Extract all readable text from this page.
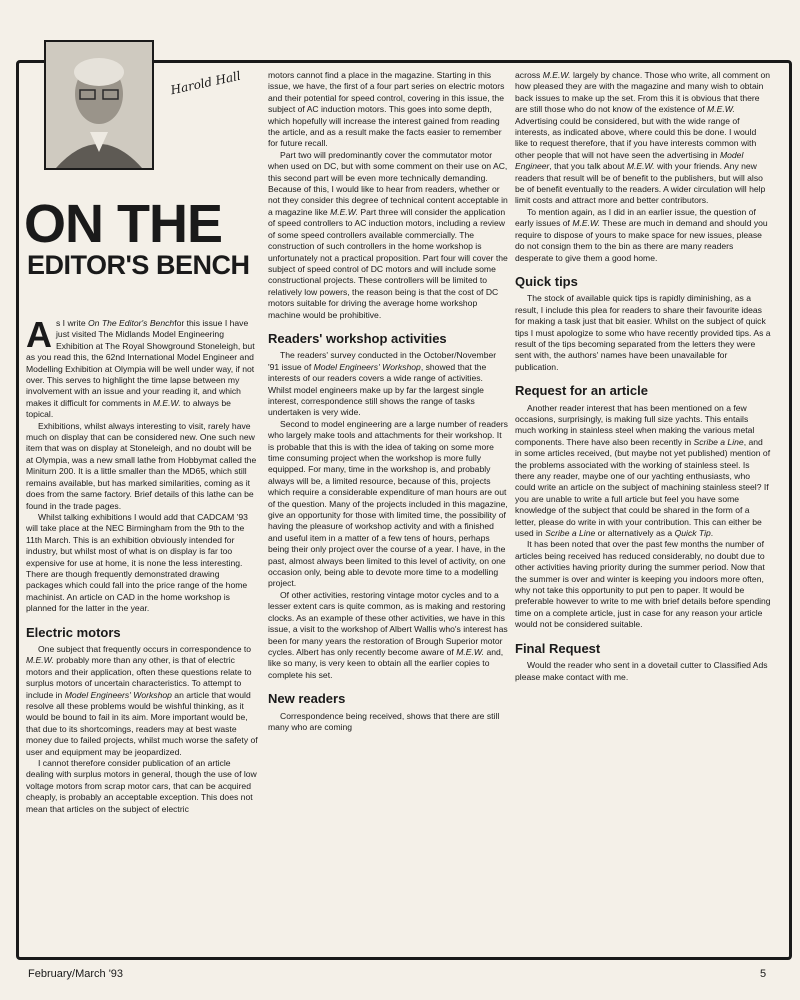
Harold Hall
ON THE
EDITOR'S BENCH

As I write On The Editor's Benchfor this issue I have just visited The Midlands Model Engineering Exhibition at The Royal Showground Stoneleigh, but as you read this, the 62nd International Model Engineer and Modelling Exhibition at Olympia will be well under way, if not over. This serves to highlight the time lapse between my involvement with an issue and your reading it, and which makes it difficult for comments in M.E.W. to always be topical.

Exhibitions, whilst always interesting to visit, rarely have much on display that can be considered new. One such new item that was on display at Stoneleigh, and no doubt will be at Olympia, was a new small lathe from Hobbymat called the Miniturn 200. It is a little smaller than the MD65, which still remains available, but has marked similarities, coming as it does from the same factory. Brief details of this lathe can be found in the trade pages.

Whilst talking exhibitions I would add that CADCAM '93 will take place at the NEC Birmingham from the 9th to the 11th March. This is an exhibition obviously intended for industry, but whilst most of what is on display is far too expensive for use at home, it is none the less interesting. There are though frequently demonstrated drawing packages which could fall into the price range of the home machinist. An article on CAD in the home workshop is planned for the latter in the year.

Electric motors

One subject that frequently occurs in correspondence to M.E.W. probably more than any other, is that of electric motors and their application, often these questions relate to surplus motors of uncertain characteristics. To attempt to include in Model Engineers' Workshop an article that would resolve all these problems would be wishful thinking, as it would be bound to fail in its aim. More important would be, that due to its shortcomings, readers may at best waste money due to failed projects, whilst much worse the safety of user and equipment may be jeopardized.

I cannot therefore consider publication of an article dealing with surplus motors in general, though the use of low voltage motors from scrap motor cars, that can be acquired cheaply, is probably an acceptable exception. This does not mean that articles on the subject of electric

motors cannot find a place in the magazine. Starting in this issue, we have, the first of a four part series on electric motors and their potential for speed control, covering in this issue, the subject of AC induction motors. This goes into some depth, which hopefully will increase the interest gained from reading the article, and as a result make the facts easier to remember for future recall.

Part two will predominantly cover the commutator motor when used on DC, but with some comment on their use on AC, this second part will be even more technically demanding. Because of this, I would like to hear from readers, whether or not they consider this degree of technical content acceptable in a magazine like M.E.W. Part three will consider the application of speed controllers to AC induction motors, including a review of some speed controllers available commercially. The construction of such controllers in the home workshop is unfortunately not a practical proposition. Part four will cover the subject of speed control of DC motors and will include some constructional projects. These controllers will be limited to relatively low powers, the reason being is that the cost of DC motors suitable for driving the average home workshop machine would be prohibitive.

Readers' workshop activities

The readers' survey conducted in the October/November '91 issue of Model Engineers' Workshop, showed that the interests of our readers covers a wide range of activities. Whilst model engineers make up by far the largest single interest, correspondence still shows the range of tasks undertaken is very wide.

Second to model engineering are a large number of readers who largely make tools and attachments for their workshop. It is probable that this is with the idea of taking on some more time consuming project when the workshop is more fully equipped. For many, time in the workshop is, and probably always will be, a limited resource, because of this, projects which require a considerable expenditure of man hours are out of the question. Many of the projects included in this magazine, give an opportunity for those with limited time, the possibility of having the pleasure of workshop activity and with a finished and useful item in a matter of a few tens of hours, perhaps being their only project over the course of a year. I have, in the past, almost always been limited to this level of activity, on one occasion only, being able to devote more time to a modelling project.

Of other activities, restoring vintage motor cycles and to a lesser extent cars is quite common, as is making and restoring clocks. As an example of these other activities, we have in this issue, a visit to the workshop of Albert Wallis who's interest has been for many years the restoration of Brough Superior motor cycles. Albert has only recently become aware of M.E.W. and, like so many, is very keen to obtain all the earlier copies to complete his set.

New readers

Correspondence being received, shows that there are still many who are coming

across M.E.W. largely by chance. Those who write, all comment on how pleased they are with the magazine and many wish to obtain back issues to make up the set. From this it is obvious that there are still those who do not know of the existence of M.E.W. Advertising could be considered, but with the wide range of interests, as indicated above, where could this be done. I would like to request therefore, that if you have interests common with other people that will not have seen the advertising in Model Engineer, that you talk about M.E.W. with your friends. Any new readers that result will be of benefit to the publishers, but will also be of benefit eventually to the readers. A wider circulation will help limit costs and attract more and better contributors.

To mention again, as I did in an earlier issue, the question of early issues of M.E.W. These are much in demand and should you require to dispose of yours to make space for new issues, please do not consign them to the bin as there are many readers desperate to give them a good home.

Quick tips

The stock of available quick tips is rapidly diminishing, as a result, I include this plea for readers to share their favourite ideas for making a task just that bit easier. Whilst on the subject of quick tips I must apologize to some who have recently provided tips. As a result of the tips becoming separated from the letters they were sent with, the authors' names have been unavailable for publication.

Request for an article

Another reader interest that has been mentioned on a few occasions, surprisingly, is making full size yachts. This entails much working in stainless steel when making the various metal components. There have also been recently in Scribe a Line, and in some articles received, (but maybe not yet published) mention of the problems associated with the working of stainless steel. Is there any reader, maybe one of our yachting enthusiasts, who could write an article on the subject of machining stainless steel? If you are unable to write a full article but feel you have some knowledge of the subject that could be shared in the form of a letter, please do write in with your contribution. This can either be used in Scribe a Line or alternatively as a Quick Tip.

It has been noted that over the past few months the number of articles being received has reduced considerably, no doubt due to other activities having priority during the summer period. Now that the summer is over and winter is keeping you indoors more often, why not take this opportunity to put pen to paper. It would be preferable however to write to me with brief details before spending time on a complete article, just in case for any reason your article would not be considered suitable.

Final Request

Would the reader who sent in a dovetail cutter to Classified Ads please make contact with me.

February/March '93	5
